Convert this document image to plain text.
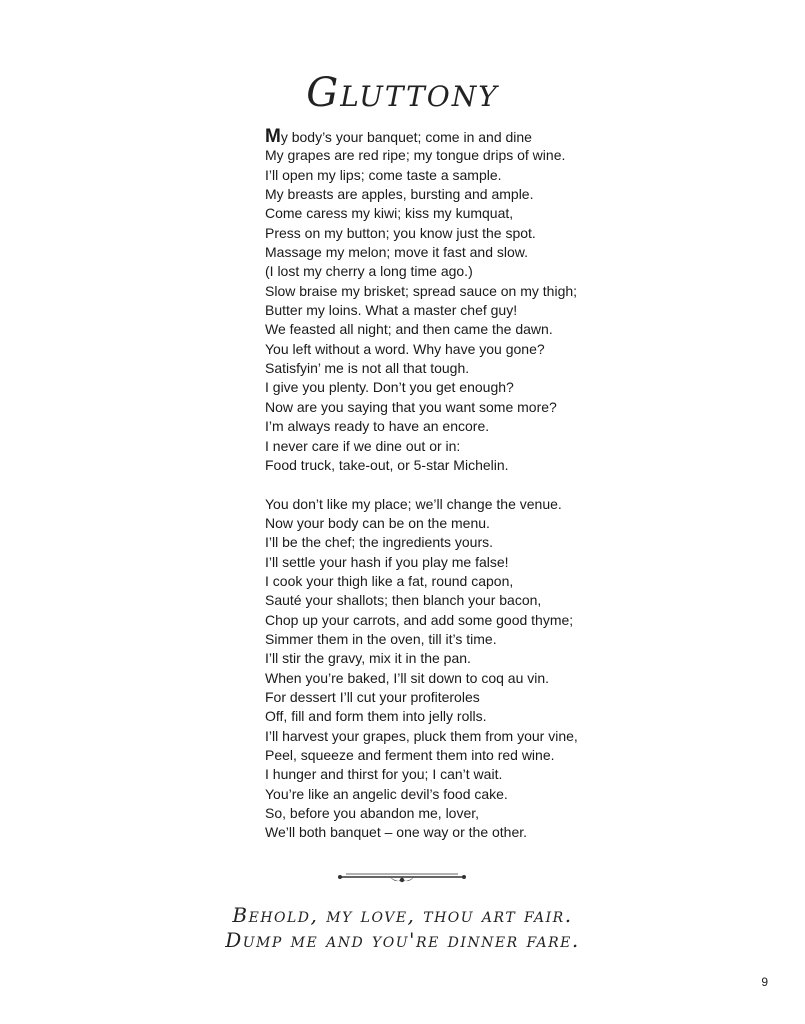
Gluttony
My body’s your banquet; come in and dine
My grapes are red ripe; my tongue drips of wine.
I’ll open my lips; come taste a sample.
My breasts are apples, bursting and ample.
Come caress my kiwi; kiss my kumquat,
Press on my button; you know just the spot.
Massage my melon; move it fast and slow.
(I lost my cherry a long time ago.)
Slow braise my brisket; spread sauce on my thigh;
Butter my loins. What a master chef guy!
We feasted all night; and then came the dawn.
You left without a word. Why have you gone?
Satisfyin’ me is not all that tough.
I give you plenty. Don’t you get enough?
Now are you saying that you want some more?
I’m always ready to have an encore.
I never care if we dine out or in:
Food truck, take-out, or 5-star Michelin.
You don’t like my place; we’ll change the venue.
Now your body can be on the menu.
I’ll be the chef; the ingredients yours.
I’ll settle your hash if you play me false!
I cook your thigh like a fat, round capon,
Sauté your shallots; then blanch your bacon,
Chop up your carrots, and add some good thyme;
Simmer them in the oven, till it’s time.
I’ll stir the gravy, mix it in the pan.
When you’re baked, I’ll sit down to coq au vin.
For dessert I’ll cut your profiteroles
Off, fill and form them into jelly rolls.
I’ll harvest your grapes, pluck them from your vine,
Peel, squeeze and ferment them into red wine.
I hunger and thirst for you; I can’t wait.
You’re like an angelic devil’s food cake.
So, before you abandon me, lover,
We’ll both banquet – one way or the other.
Behold, my love, thou art fair.
Dump me and you're dinner fare.
9
